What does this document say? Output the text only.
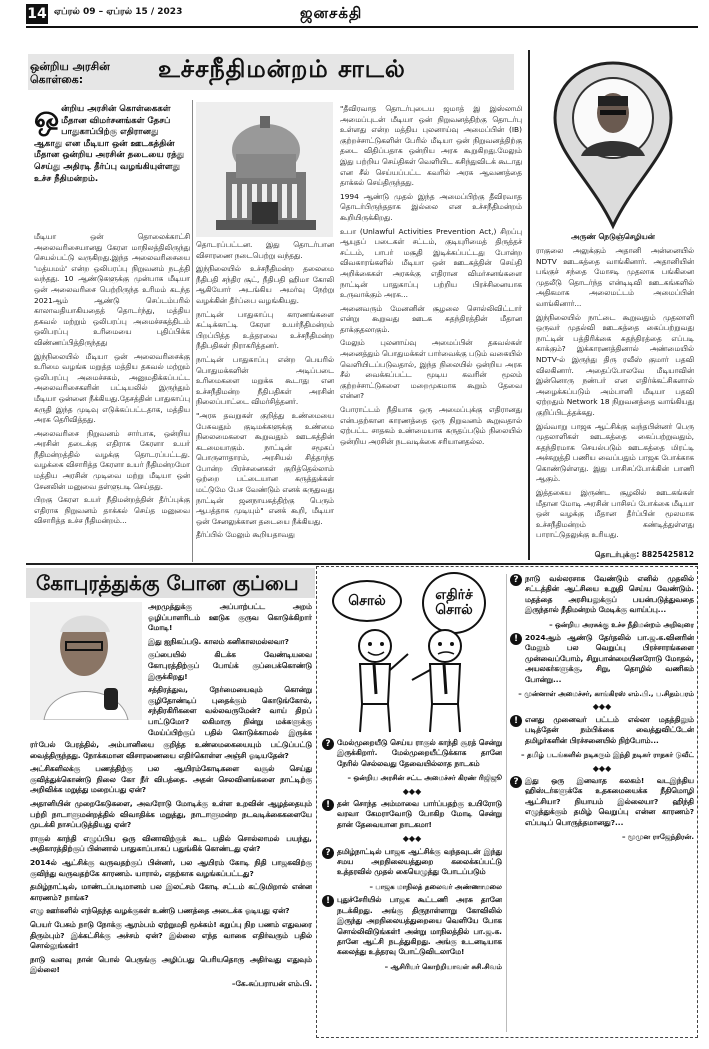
14 ஏப்ரல் 09 – ஏப்ரல் 15 / 2023	ஜனசக்தி
ஒன்றிய அரசின் கொள்கை:	உச்சநீதிமன்றம் சாடல்
ஒ ன்றிய அரசின் கொள்கைகள் மீதான விமர்சனங்கள் தேசப் பாதுகாப்பிற்கு எதிரானது ஆகாது என மீடியா ஒன் ஊடகத்தின் மீதான ஒன்றிய அரசின் தடையை ரத்து செய்து அதிரடி தீர்ப்பு வழங்கியுள்ளது உச்ச நீதிமன்றம்.

மீடியா ஒன் தொலைக்காட்சி அலைவரிசையானது கேரள மாநிலத்திலிருந்து செயல்பட்டு வருகிறது.இந்த அலைவரிசையை 'மத்யமம்' என்ற ஒலிபரப்பு நிறுவனம் நடத்தி வந்தது. 10 ஆண்டுகளுக்கு முன்பாக மீடியா ஒன் அலைவரிசை பெற்றிருந்த உரிமம் கடந்த 2021ஆம் ஆண்டு செப்டம்பரில் காலாவதியாகியதைத் தொடர்ந்து, மத்திய தகவல் மற்றும் ஒலிபரப்பு அமைச்சகத்திடம் ஒலிபரப்பு உரிமையை புதிப்பிக்க விண்ணப்பித்திருந்தது

இந்நிலையில் மீடியா ஒன் அலைவரிசைக்கு உரிமை வழங்க மறுத்த மத்திய தகவல் மற்றும் ஒலிபரப்பு அமைச்சகம், அனுமதிக்கப்பட்ட அலைவரிசைகளின் பட்டியலில் இருந்தும் மீடியா ஒன்னை நீக்கியது.தேசத்தின் பாதுகாப்பு கருதி இந்த முடிவு எடுக்கப்பட்டதாக, மத்திய அரசு தெரிவித்தது.

அலைவரிசை நிறுவனம் சார்பாக, ஒன்றிய அரசின் தடைக்கு எதிராக கேரளா உயர் நீதிமன்றத்தில் வழக்கு தொடரப்பட்டது. வழக்கை விசாரித்த கேரளா உயர் நீதிமன்றமோ மத்திய அரசின் முடிவை மற்று மீடியா ஒன் சேனலின் மனுவை தள்ளுபடி செய்தது.

பிறகு கேரள உயர் நீதிமன்றத்தின் தீர்ப்புக்கு எதிராக நிறுவனம் தாக்கல் செய்த மனுவை விசாரித்த உச்ச நீதிமன்றம்...

தொடரப்பட்டன. இது தொடர்பான விசாரணை நடைபெற்று வந்தது.

இந்நிலையில் உச்சநீதிமன்ற தலைமை நீதிபதி சந்திர சூட், நீதிபதி ஹிமா கோலி ஆகியோர் அடங்கிய அமர்வு நேற்று வழக்கின் தீர்ப்பை வழங்கியது.

நாட்டின் பாதுகாப்பு காரணங்களை சுட்டிக்காட்டி கேரள உயர்நீதிமன்றம் பிறப்பித்த உத்தரவை உச்சநீதிமன்ற நீதிபதிகள் நிராகரித்தனர்.

நாட்டின் பாதுகாப்பு என்ற பெயரில் பொதுமக்களின் அடிப்படை உரிமைகளை மறுக்க கூடாது என உச்சநீதிமன்ற நீதிபதிகள் அரசின் நிலைப்பாட்டை விமர்சித்தனர்.

"அரசு தவறுகள் குறித்து உண்மையை பேசுவதும் குடிமக்களுக்கு உண்மை நிலைமைகளை கூறுவதும் ஊடகத்தின் கடமையாகும். நாட்டின் சமூகப் பொருளாதாரம், அரசியல் சித்தாந்த போன்ற பிரச்சனைகள் குறித்தெல்லாம் ஒற்றை பட்டையான கருத்துக்கள் மட்டுமே பேச வேண்டும் எனக் கருதுவது நாட்டின் ஜனநாயகத்திற்கு பெரும் ஆபத்தாக முடியும்" எனக் கூறி, மீடியா ஒன் சேனலுக்கான தடையை நீக்கியது.

தீர்ப்பில் மேலும் கூறியதாவது

"தீவிரவாத தொடர்புடைய ஜமாத் இ இஸ்லாமி அமைப்புடன் மீடியா ஒன் நிறுவனத்திற்கு தொடர்பு உள்ளது என்ற மத்திய புலனாய்வு அமைப்பின் (IB) குற்றச்சாட்டுகளின் பேரில் மீடியா ஒன் நிறுவனத்திற்கு தடை விதிப்பதாக ஒன்றிய அரசு கூறுகிறது.மேலும் இது பற்றிய செய்திகள் வெளியிட கசிந்துவிடக் கூடாது என சீல் செய்யப்பட்ட கவரில் அரசு ஆவணத்தை தாக்கல் செய்திருந்தது.

1994 ஆண்டு முதல் இந்த அமைப்பிற்கு தீவிரவாத தொடர்பிருந்ததாக இல்லை என உச்சநீதிமன்றம் கூறியிருக்கிறது.

உபா (Unlawful Activities Prevention Act,) சிறப்பு ஆயுதப் படைகள் சட்டம், குடியுரிமைத் திருத்தச் சட்டம், பாபர் மசூதி இடிக்கப்பட்டது போன்ற விவகாரங்களில் மீடியா ஒன் ஊடகத்தின் செய்தி அறிக்கைகள் அரசுக்கு எதிரான விமர்சனங்களை நாட்டின் பாதுகாப்பு பற்றிய பிரச்சினையாக உருவாக்கும் அரசு...

அனைவரும் மேனனின் சூழலை சொல்லிவிட்டார் என்று கூறுவது ஊடக சுதந்திரத்தின் மீதான தாக்குதலாகும்.

மேலும் புலனாய்வு அமைப்பின் தகவல்கள் அனைத்தும் பொதுமக்கள் பார்வைக்கு படும் வகையில் வெளியிடப்படுவதால், இந்த நிலையில் ஒன்றிய அரசு சீல் வைக்கப்பட்ட மூடிய கவரின் மூலம் குற்றச்சாட்டுகளை மறைமுகமாக கூறும் தேவை என்ன?

போராட்டம் நீதியாக ஒரு அமைப்புக்கு எதிரானது என்பதற்கான காரணத்தை ஒரு நிறுவனம் கூறுவதால் ஏற்பட்ட சாதகம் உண்மையாக கருதப்படும் நிலையில் ஒன்றிய அரசின் நடவடிக்கை சரியானதல்ல.

அருண் நெடுஞ்செழியன்

ராகுலை அலுக்கும் அதானி அன்னையில் NDTV ஊடகத்தை வாங்கினார். அதானியின் பங்குச் சந்தை மோசடி முதலாக பங்கினை முதலீடு தொடர்ந்த என்டிடிவி ஊடகங்களில் அதிகமாக அலைமட்டம் அமைப்பின் வாங்கினார்...

இந்நிலையில் நாட்டை கூறுவதும் முதலாளி ஒருவர் முதல்வி ஊடகத்தை கைப்பற்றுவது நாட்டின் பத்திரிக்கை சுதந்திரத்தை எப்படி காக்கும்? இக்காரணத்தினால் அண்மையில் NDTV-ல் இருந்து திரு ரவீஸ் குமார் பதவி விலகினார். அதைப்போலவே மீடியாவின் இன்னொரு நண்பர் என எதிர்க்கட்சிகளால் அழைக்கப்படும் அம்பானி மீடியா பதவி ஏற்றதும் Network 18 நிறுவனத்தை வாங்கியது குறிப்பிடத்தக்கது.

இவ்வாறு பாஜக ஆட்சிக்கு வந்தபின்னர் பெரு முதலாளிகள் ஊடகத்தை கைப்பற்றுவதும், சுதந்திரமாக செயல்படும் ஊடகத்தை மிரட்டி அச்சுறுத்தி பணிய வைப்பதும் பாஜக போக்காக கொண்டுள்ளது. இது பாசிசப்போக்கின் பாணி ஆகும்.

இத்தகைய இருண்ட சூழலில் ஊடகங்கள் மீதான மோடி அரசின் பாசிசப் போக்கை மீடியா ஒன் வழக்கு மீதான தீர்ப்பின் மூலமாக உச்சநீதிமன்றம் கண்டித்துள்ளது பாராட்டுதலுக்கு உரியது.

தொடர்புக்கு: 8825425812
கோபுரத்துக்கு போன குப்பை

அறமுத்துக்கு அப்பாற்பட்ட அறம் ஓழிப்பாளரிடம் ஊடுக குருவ கொடுக்கிறார் மோடி!

இது ஐநிகப்படு. காலம் கனிகாலமல்லவா?

குப்பையில் கிடக்க வேண்டியவை கோபுரத்திற்குப் போய்க் குப்பைக்கொண்டு இருக்கிறது!

சத்திரத்துவ, நேர்மையைவும் கொன்று குழிதோண்டிப் புதைக்கும் கொடுங்கோல், சந்திரகிரிகளை வல்லவருமேன்? வாய் திறப் பாட்டுமோ? லகிமாரு நின்று மக்களுக்கு மேய்ப்பிற்குப் பதில் கொடுக்காமல் இருக்க

ரா்பேல் பேரத்தில், அம்பானியை குறித்த உண்மைகையையும் பட்டுப்பட்டு வைத்திருந்தது. நோக்கமான விசாரணையை எதிர்கொள்ள அஞ்சி ஓடியதேன்?

அட்சிகளிலக்கு பணத்திற்கு பல ஆயிரம்கோடிகளை வசூல் செய்து குவித்துக்கொண்டு நிலை கோ நீர் விபத்தை. அதன் செலவினங்களை நாட்டிற்கு அறிவிக்க மறுத்து மறைப்பது ஏன்?

அதானியின் முறைகேடுகளை, அவரோடு மோடிக்கு உள்ள உறவின் ஆழத்தையும் பற்றி நாடாளுமன்றத்தில் விவாதிக்க மறுத்து, நாடாளுமன்ற நடவடிக்கைகளையே முடக்கி நாசப்படுத்தியது ஏன்?

ராகுல் காந்தி எழுப்பிய ஒரு வினாவிற்குக் கூட பதில் சொல்லாமல் பயந்து, அதிகாரத்திற்குப் பின்னால் பாதுகாப்பாகப் பதுங்கிக் கொண்டது ஏன்?

2014ல் ஆட்சிக்கு வருவதற்குப் பின்னர், பல ஆயிரம் கோடி நிதி பாஜகவிற்கு குவிந்து வருவதற்கே காரணம். யாரால், எதற்காக வழங்கப்பட்டது?

தமிழ்நாட்டில், மாண்டப்படிமானம் பல இலட்சம் கோடி சட்டம் கட்டுமிறால் என்ன காரணம்? நாங்க?

எழு ஊர்களில் எந்தெந்த வழக்குகள் உண்டு பணத்தை அடைக்க ஓடியது ஏன்?

பெயர் பேசும் நாடு நோக்கு ஆரம்பம் ஏற்றுமதி மூக்கம்! கறுப்பு நிற பணம் எதுவரை திரும்பும்? இக்கட்சிக்கு அச்சம் ஏன்? இல்லை எந்த வாகை எதிர்வரும் பதில் சொல்லுங்கள்!

நாடு வளவு நான் பொல் பெருங்கு அழிப்பது பெரியதொரு அதிர்வது எதுவும் இல்லை!

–கே.சுப்பராயன் எம்.பி.

சொல்	எதிர்ச் சொல்
? மேல்முறையீடு செய்ய ராகுல் காந்தி சூரத் சென்று இருக்கிறார். மேல்முறையீட்டுக்காக தானே நேரில் செல்லவது தேவையில்லாத நாடகம்
– ஒன்றிய அரசின் சட்ட அமைச்சர் கிரண் ரிஜிஜூ
◆◆◆
! தன் சொந்த அம்மாவை பார்ப்பதற்கு உயிரோடு வரவா கேமராவோடு போகிற மோடி சென்று தான் தேவையான நாடகமா!
◆◆◆
? தமிழ்நாட்டில் பாஜக ஆட்சிக்கு வந்தவுடன் இந்து சமய அறநிலையத்துறை கலைக்கப்பட்டு உத்தரவில் முதல் கையெழுத்து போடப்படும்
– பாஜக மாநிலத் தலைவர் அண்ணாமலை
! புதுச்சேரியில் பாஜக கூட்டணி அரசு தானே நடக்கிறது. அங்கு திருநாள்ளாறு கோவிலில் இருந்து அறநிலையத்துறையை வெளியே போக சொல்லிவிடுங்கள்! அன்று மாநிலத்தில் பா.ஜ.க. தானே ஆட்சி நடத்துகிறது. அங்கு உடனடியாக கலைத்து உத்தரவு போட்டுவிடலாமே!
– ஆசிரியர் கொற்றியாவள் சுசி.சிவம்
? நாடு வல்லரசாக வேண்டும் எனில் முதலில் சட்டத்தின் ஆட்சியை உறுதி செய்ய வேண்டும். மதத்தை அரசியலுக்குப் பயன்படுத்துவதை இருந்தால் நீதிமன்றம் மேடிக்கு வாய்ப்பு...
– ஒன்றிய அரசுக்கு உச்ச நீதிமன்றம் அறிவுரை
! 2024ஆம் ஆண்டு தேர்தலில் பா.ஜ.க.வினரின் மேலும் பல வெறுப்பு பிரச்சாரங்களை முன்வைப்போம், சிறுபான்மையினரோடு மோதல், அயலகர்களுக்கு, சிறு, தொழில் வணிகம் போன்று...
– முன்னாள் அமைச்சர், காங்கிரஸ் எம்.பி., ப.சிதம்பரம்
◆◆◆
! எனது முனைவர் பட்டம் எல்லா மதத்திலும் படித்தேன் நம்பிக்கை வைத்துவிட்டேன் தமிழர்களின் பிரச்சனையில் நிற்போம்...
– தமிழ் படங்களில் நடிகரும் இந்தி நடிகர் ராதகர் டுவீட்
◆◆◆
? இது ஒரு இனவாத கலகம்! வடஇந்திய ஹிஸ்டர்களுக்கே உதகமையைக்க நீதிமொழி ஆட்சியா? நியாயம் இல்லையா? ஹிந்தி எழுத்துக்கும் தமிழ் வெறுப்பு என்ன காரணம்? எப்படிப் பொருத்தமானது?...
– மூமுன ராஜேந்திரன்.
